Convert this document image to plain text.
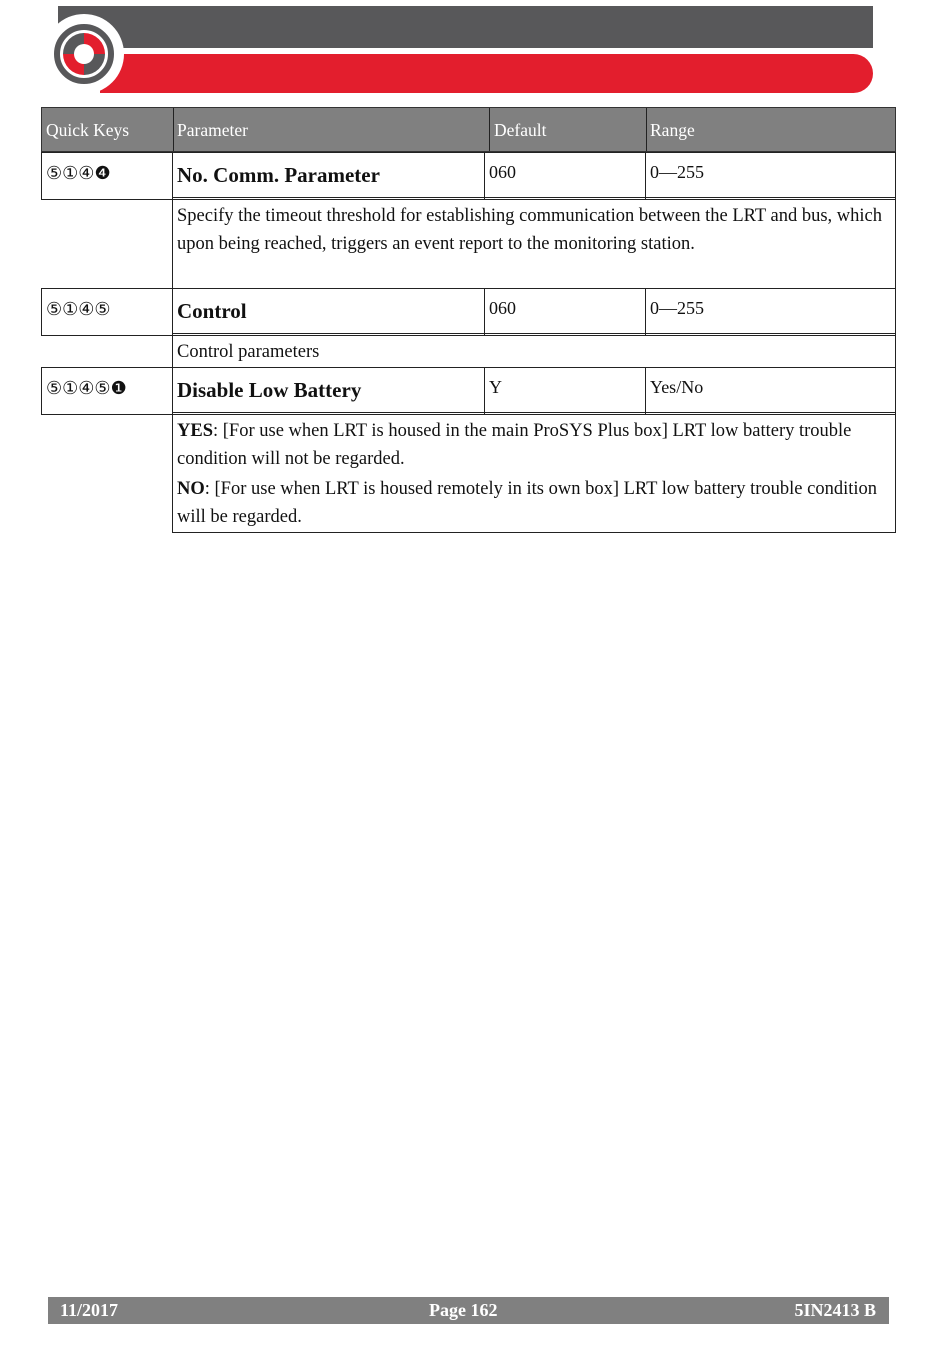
Quick Keys	Parameter	Default	Range
⑤①④❹	No. Comm. Parameter	060	0—255

Specify the timeout threshold for establishing communication between the LRT and bus, which upon being reached, triggers an event report to the monitoring station.

⑤①④⑤	Control	060	0—255

Control parameters

⑤①④⑤❶	Disable Low Battery	Y	Yes/No

YES: [For use when LRT is housed in the main ProSYS Plus box] LRT low battery trouble condition will not be regarded.

NO: [For use when LRT is housed remotely in its own box] LRT low battery trouble condition will be regarded.

11/2017	Page 162	5IN2413 B
